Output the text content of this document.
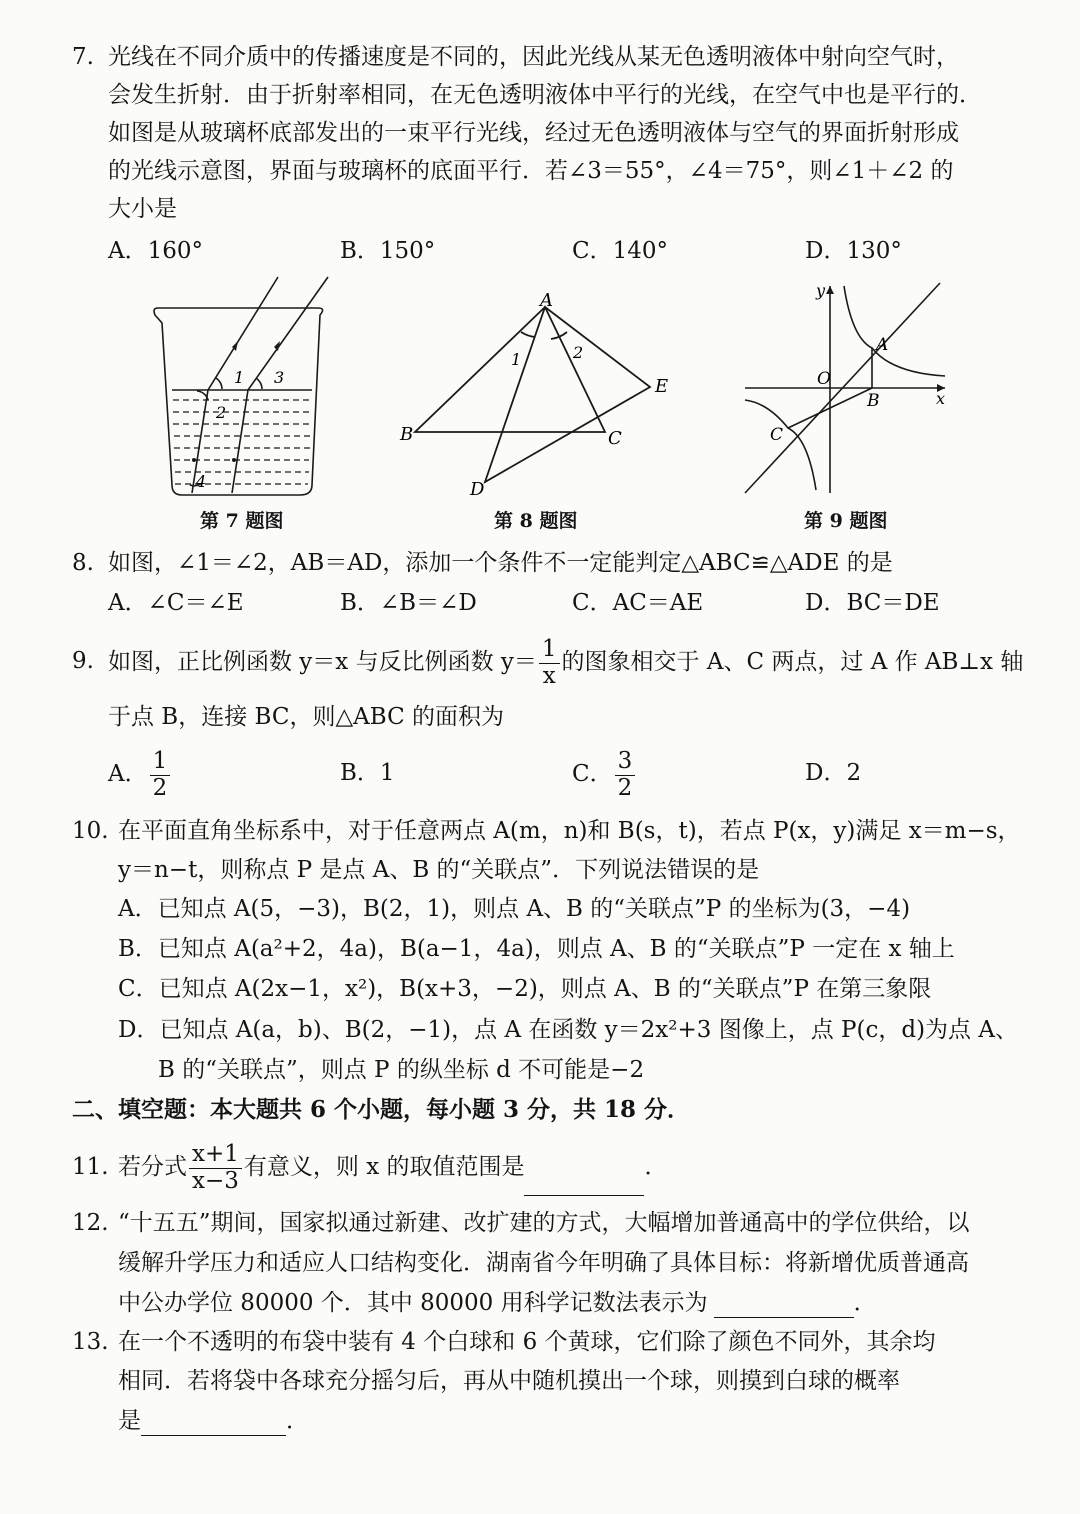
7. 光线在不同介质中的传播速度是不同的，因此光线从某无色透明液体中射向空气时，
会发生折射．由于折射率相同，在无色透明液体中平行的光线，在空气中也是平行的．
如图是从玻璃杯底部发出的一束平行光线，经过无色透明液体与空气的界面折射形成
的光线示意图，界面与玻璃杯的底面平行．若∠3＝55°，∠4＝75°，则∠1＋∠2 的
大小是
A．160°	B．150°	C．140°	D．130°
1
2
3
4
第 7 题图
A
B	C
D
E
1	2
第 8 题图
y
x
O
A
B
C
第 9 题图
8. 如图，∠1＝∠2，AB＝AD，添加一个条件不一定能判定△ABC≌△ADE 的是
A．∠C＝∠E	B．∠B＝∠D	C．AC＝AE	D．BC＝DE
9. 如图，正比例函数 y＝x 与反比例函数 $y= \frac{1}{x}$ 的图象相交于 A、C 两点，过 A 作 AB⊥x 轴
于点 B，连接 BC，则△ABC 的面积为
A． $\frac{1}{2}$	B．1	C． $\frac{3}{2}$	D．2
10. 在平面直角坐标系中，对于任意两点 A(m，n)和 B(s，t)，若点 P(x，y)满足 x＝m−s，
y＝n−t，则称点 P 是点 A、B 的“关联点”．下列说法错误的是
A．已知点 A(5，−3)，B(2，1)，则点 A、B 的“关联点”P 的坐标为(3，−4)
B．已知点 A(a²+2，4a)，B(a−1，4a)，则点 A、B 的“关联点”P 一定在 x 轴上
C．已知点 A(2x−1，x²)，B(x+3，−2)，则点 A、B 的“关联点”P 在第三象限
D．已知点 A(a，b)、B(2，−1)，点 A 在函数 y＝2x²+3 图像上，点 P(c，d)为点 A、
B 的“关联点”，则点 P 的纵坐标 d 不可能是−2
二、填空题：本大题共 6 个小题，每小题 3 分，共 18 分．
11. 若分式 $\frac{x+1}{x-3}$ 有意义，则 x 的取值范围是	．
12. “十五五”期间，国家拟通过新建、改扩建的方式，大幅增加普通高中的学位供给，以
缓解升学压力和适应人口结构变化．湖南省今年明确了具体目标：将新增优质普通高
中公办学位 80000 个．其中 80000 用科学记数法表示为	．
13. 在一个不透明的布袋中装有 4 个白球和 6 个黄球，它们除了颜色不同外，其余均
相同．若将袋中各球充分摇匀后，再从中随机摸出一个球，则摸到白球的概率
是	．
